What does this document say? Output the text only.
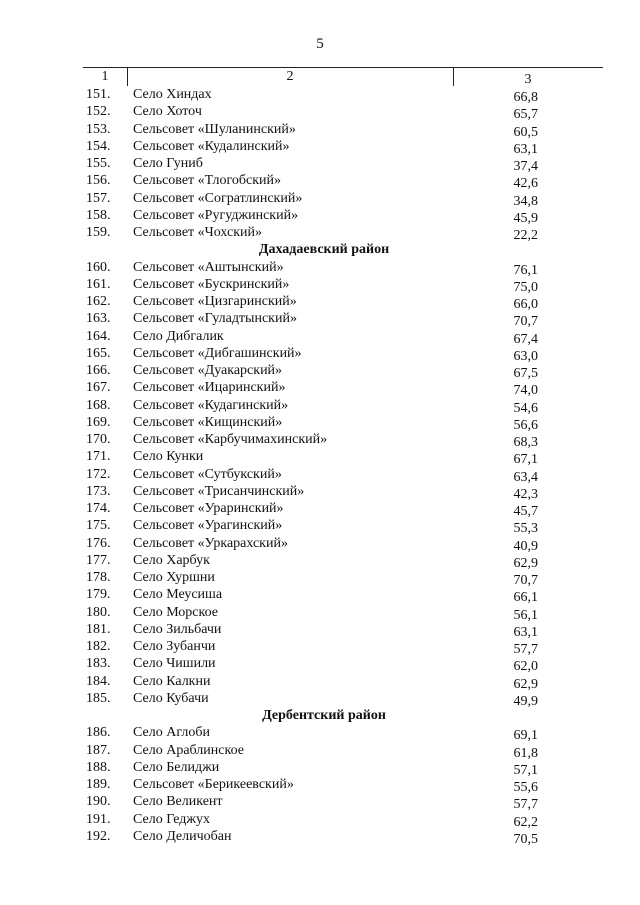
5
1	2	3
151. Село Хиндах	66,8
152. Село Хоточ	65,7
153. Сельсовет «Шуланинский»	60,5
154. Сельсовет «Кудалинский»	63,1
155. Село Гуниб	37,4
156. Сельсовет «Тлогобский»	42,6
157. Сельсовет «Согратлинский»	34,8
158. Сельсовет «Ругуджинский»	45,9
159. Сельсовет «Чохский»	22,2
Дахадаевский район
160. Сельсовет «Аштынский»	76,1
161. Сельсовет «Бускринский»	75,0
162. Сельсовет «Цизгаринский»	66,0
163. Сельсовет «Гуладтынский»	70,7
164. Село Дибгалик	67,4
165. Сельсовет «Дибгашинский»	63,0
166. Сельсовет «Дуакарский»	67,5
167. Сельсовет «Ицаринский»	74,0
168. Сельсовет «Кудагинский»	54,6
169. Сельсовет «Кищинский»	56,6
170. Сельсовет «Карбучимахинский»	68,3
171. Село Кунки	67,1
172. Сельсовет «Сутбукский»	63,4
173. Сельсовет «Трисанчинский»	42,3
174. Сельсовет «Ураринский»	45,7
175. Сельсовет «Урагинский»	55,3
176. Сельсовет «Уркарахский»	40,9
177. Село Харбук	62,9
178. Село Хуршни	70,7
179. Село Меусиша	66,1
180. Село Морское	56,1
181. Село Зильбачи	63,1
182. Село Зубанчи	57,7
183. Село Чишили	62,0
184. Село Калкни	62,9
185. Село Кубачи	49,9
Дербентский район
186. Село Аглоби	69,1
187. Село Араблинское	61,8
188. Село Белиджи	57,1
189. Сельсовет «Берикеевский»	55,6
190. Село Великент	57,7
191. Село Геджух	62,2
192. Село Деличобан	70,5
